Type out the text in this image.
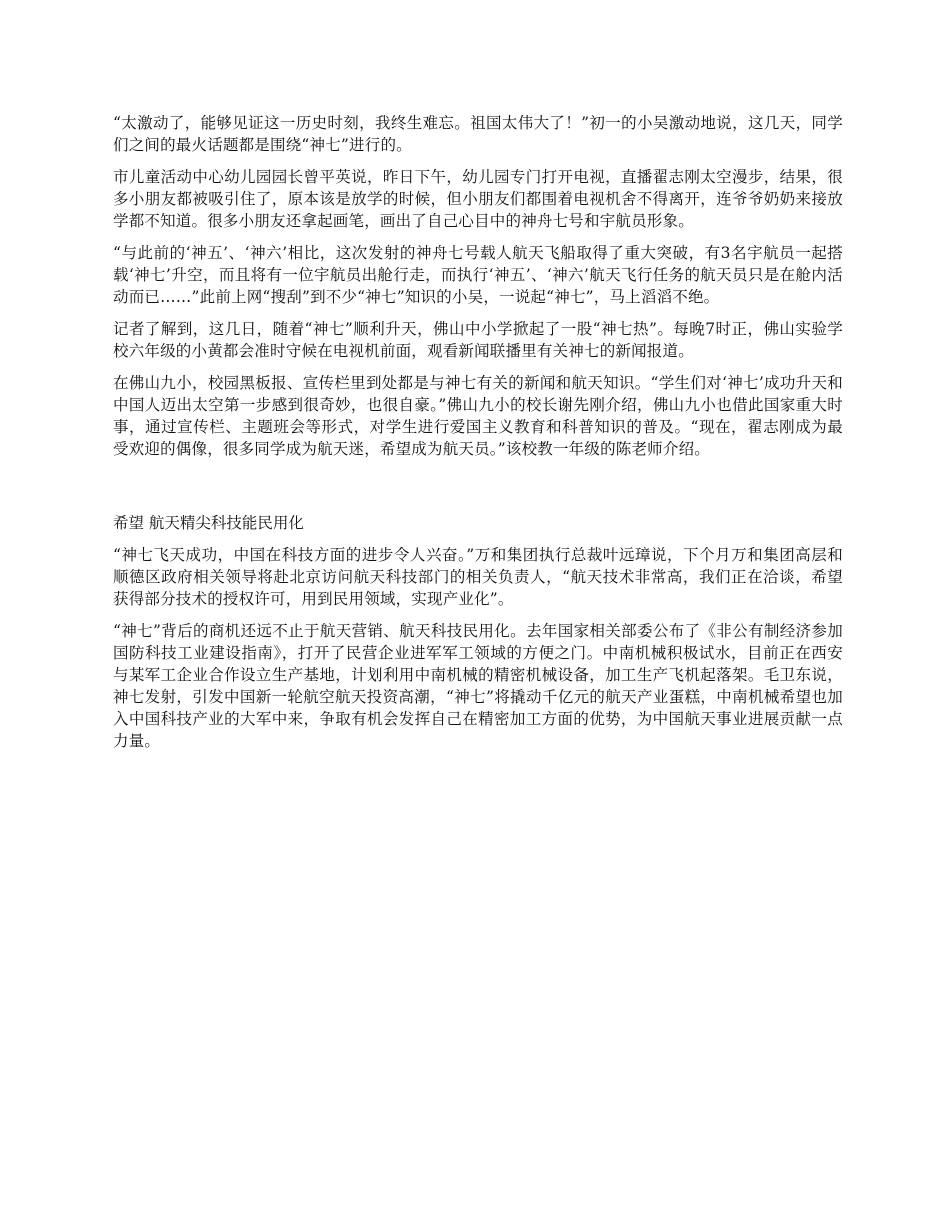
“太激动了，能够见证这一历史时刻，我终生难忘。祖国太伟大了！”初一的小吴激动地说，这几天，同学们之间的最火话题都是围绕“神七”进行的。

市儿童活动中心幼儿园园长曾平英说，昨日下午，幼儿园专门打开电视，直播翟志刚太空漫步，结果，很多小朋友都被吸引住了，原本该是放学的时候，但小朋友们都围着电视机舍不得离开，连爷爷奶奶来接放学都不知道。很多小朋友还拿起画笔，画出了自己心目中的神舟七号和宇航员形象。

“与此前的‘神五’、‘神六’相比，这次发射的神舟七号载人航天飞船取得了重大突破，有3名宇航员一起搭载‘神七’升空，而且将有一位宇航员出舱行走，而执行‘神五’、‘神六’航天飞行任务的航天员只是在舱内活动而已……”此前上网“搜刮”到不少“神七”知识的小吴，一说起“神七”，马上滔滔不绝。

记者了解到，这几日，随着“神七”顺利升天，佛山中小学掀起了一股“神七热”。每晚7时正，佛山实验学校六年级的小黄都会准时守候在电视机前面，观看新闻联播里有关神七的新闻报道。

在佛山九小，校园黑板报、宣传栏里到处都是与神七有关的新闻和航天知识。“学生们对‘神七’成功升天和中国人迈出太空第一步感到很奇妙，也很自豪。”佛山九小的校长谢先刚介绍，佛山九小也借此国家重大时事，通过宣传栏、主题班会等形式，对学生进行爱国主义教育和科普知识的普及。“现在，翟志刚成为最受欢迎的偶像，很多同学成为航天迷，希望成为航天员。”该校教一年级的陈老师介绍。

希望 航天精尖科技能民用化

“神七飞天成功，中国在科技方面的进步令人兴奋。”万和集团执行总裁叶远璋说，下个月万和集团高层和顺德区政府相关领导将赴北京访问航天科技部门的相关负责人，“航天技术非常高，我们正在洽谈，希望获得部分技术的授权许可，用到民用领域，实现产业化”。

“神七”背后的商机还远不止于航天营销、航天科技民用化。去年国家相关部委公布了《非公有制经济参加国防科技工业建设指南》，打开了民营企业进军军工领域的方便之门。中南机械积极试水，目前正在西安与某军工企业合作设立生产基地，计划利用中南机械的精密机械设备，加工生产飞机起落架。毛卫东说，神七发射，引发中国新一轮航空航天投资高潮，“神七”将撬动千亿元的航天产业蛋糕，中南机械希望也加入中国科技产业的大军中来，争取有机会发挥自己在精密加工方面的优势，为中国航天事业进展贡献一点力量。
